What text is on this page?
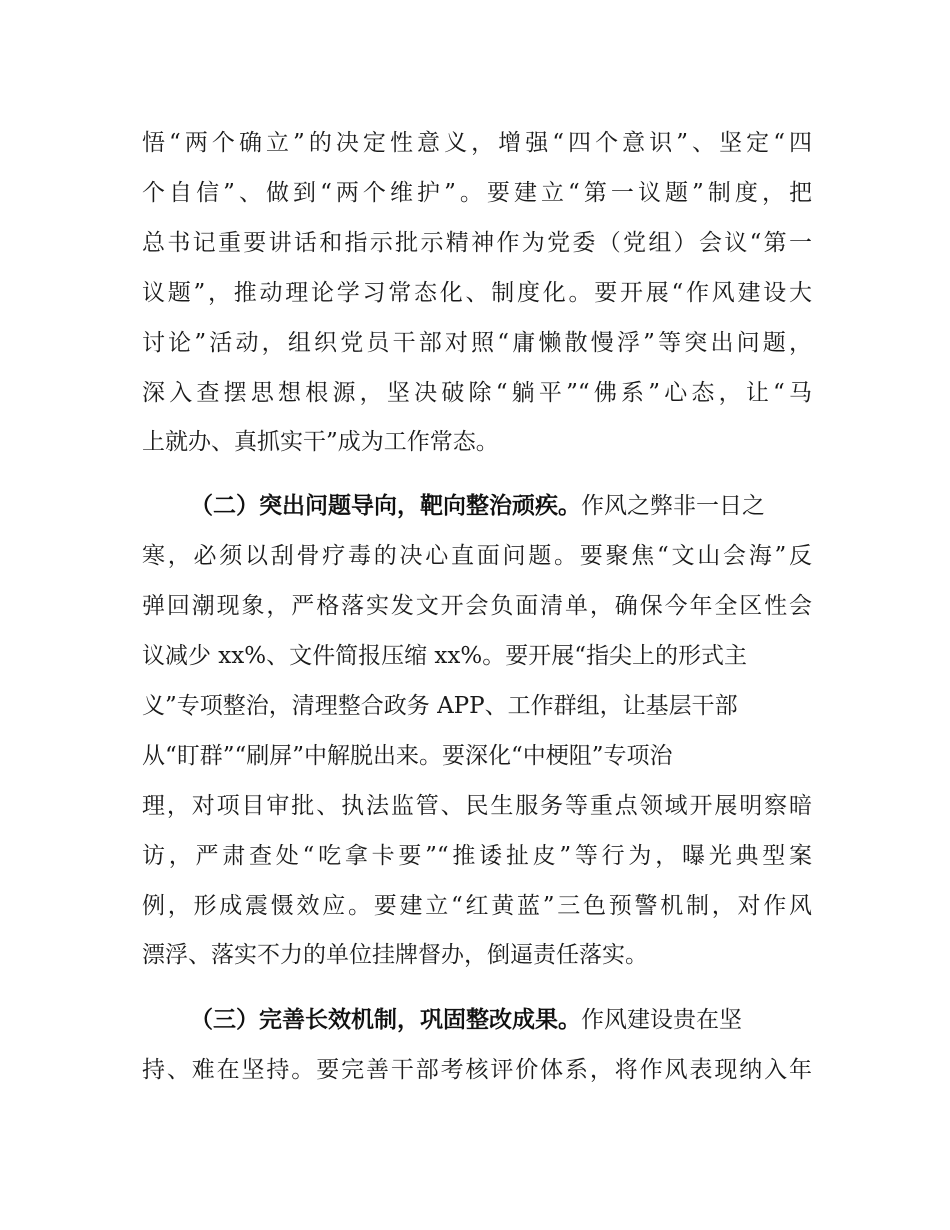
悟“两个确立”的决定性意义，增强“四个意识”、坚定“四
个自信”、做到“两个维护”。要建立“第一议题”制度，把
总书记重要讲话和指示批示精神作为党委（党组）会议“第一
议题”，推动理论学习常态化、制度化。要开展“作风建设大
讨论”活动，组织党员干部对照“庸懒散慢浮”等突出问题，
深入查摆思想根源，坚决破除“躺平”“佛系”心态，让“马
上就办、真抓实干”成为工作常态。
（二）突出问题导向，靶向整治顽疾。作风之弊非一日之
寒，必须以刮骨疗毒的决心直面问题。要聚焦“文山会海”反
弹回潮现象，严格落实发文开会负面清单，确保今年全区性会
议减少 xx%、文件简报压缩 xx%。要开展“指尖上的形式主
义”专项整治，清理整合政务 APP、工作群组，让基层干部
从“盯群”“刷屏”中解脱出来。要深化“中梗阻”专项治
理，对项目审批、执法监管、民生服务等重点领域开展明察暗
访，严肃查处“吃拿卡要”“推诿扯皮”等行为，曝光典型案
例，形成震慑效应。要建立“红黄蓝”三色预警机制，对作风
漂浮、落实不力的单位挂牌督办，倒逼责任落实。
（三）完善长效机制，巩固整改成果。作风建设贵在坚
持、难在坚持。要完善干部考核评价体系，将作风表现纳入年
